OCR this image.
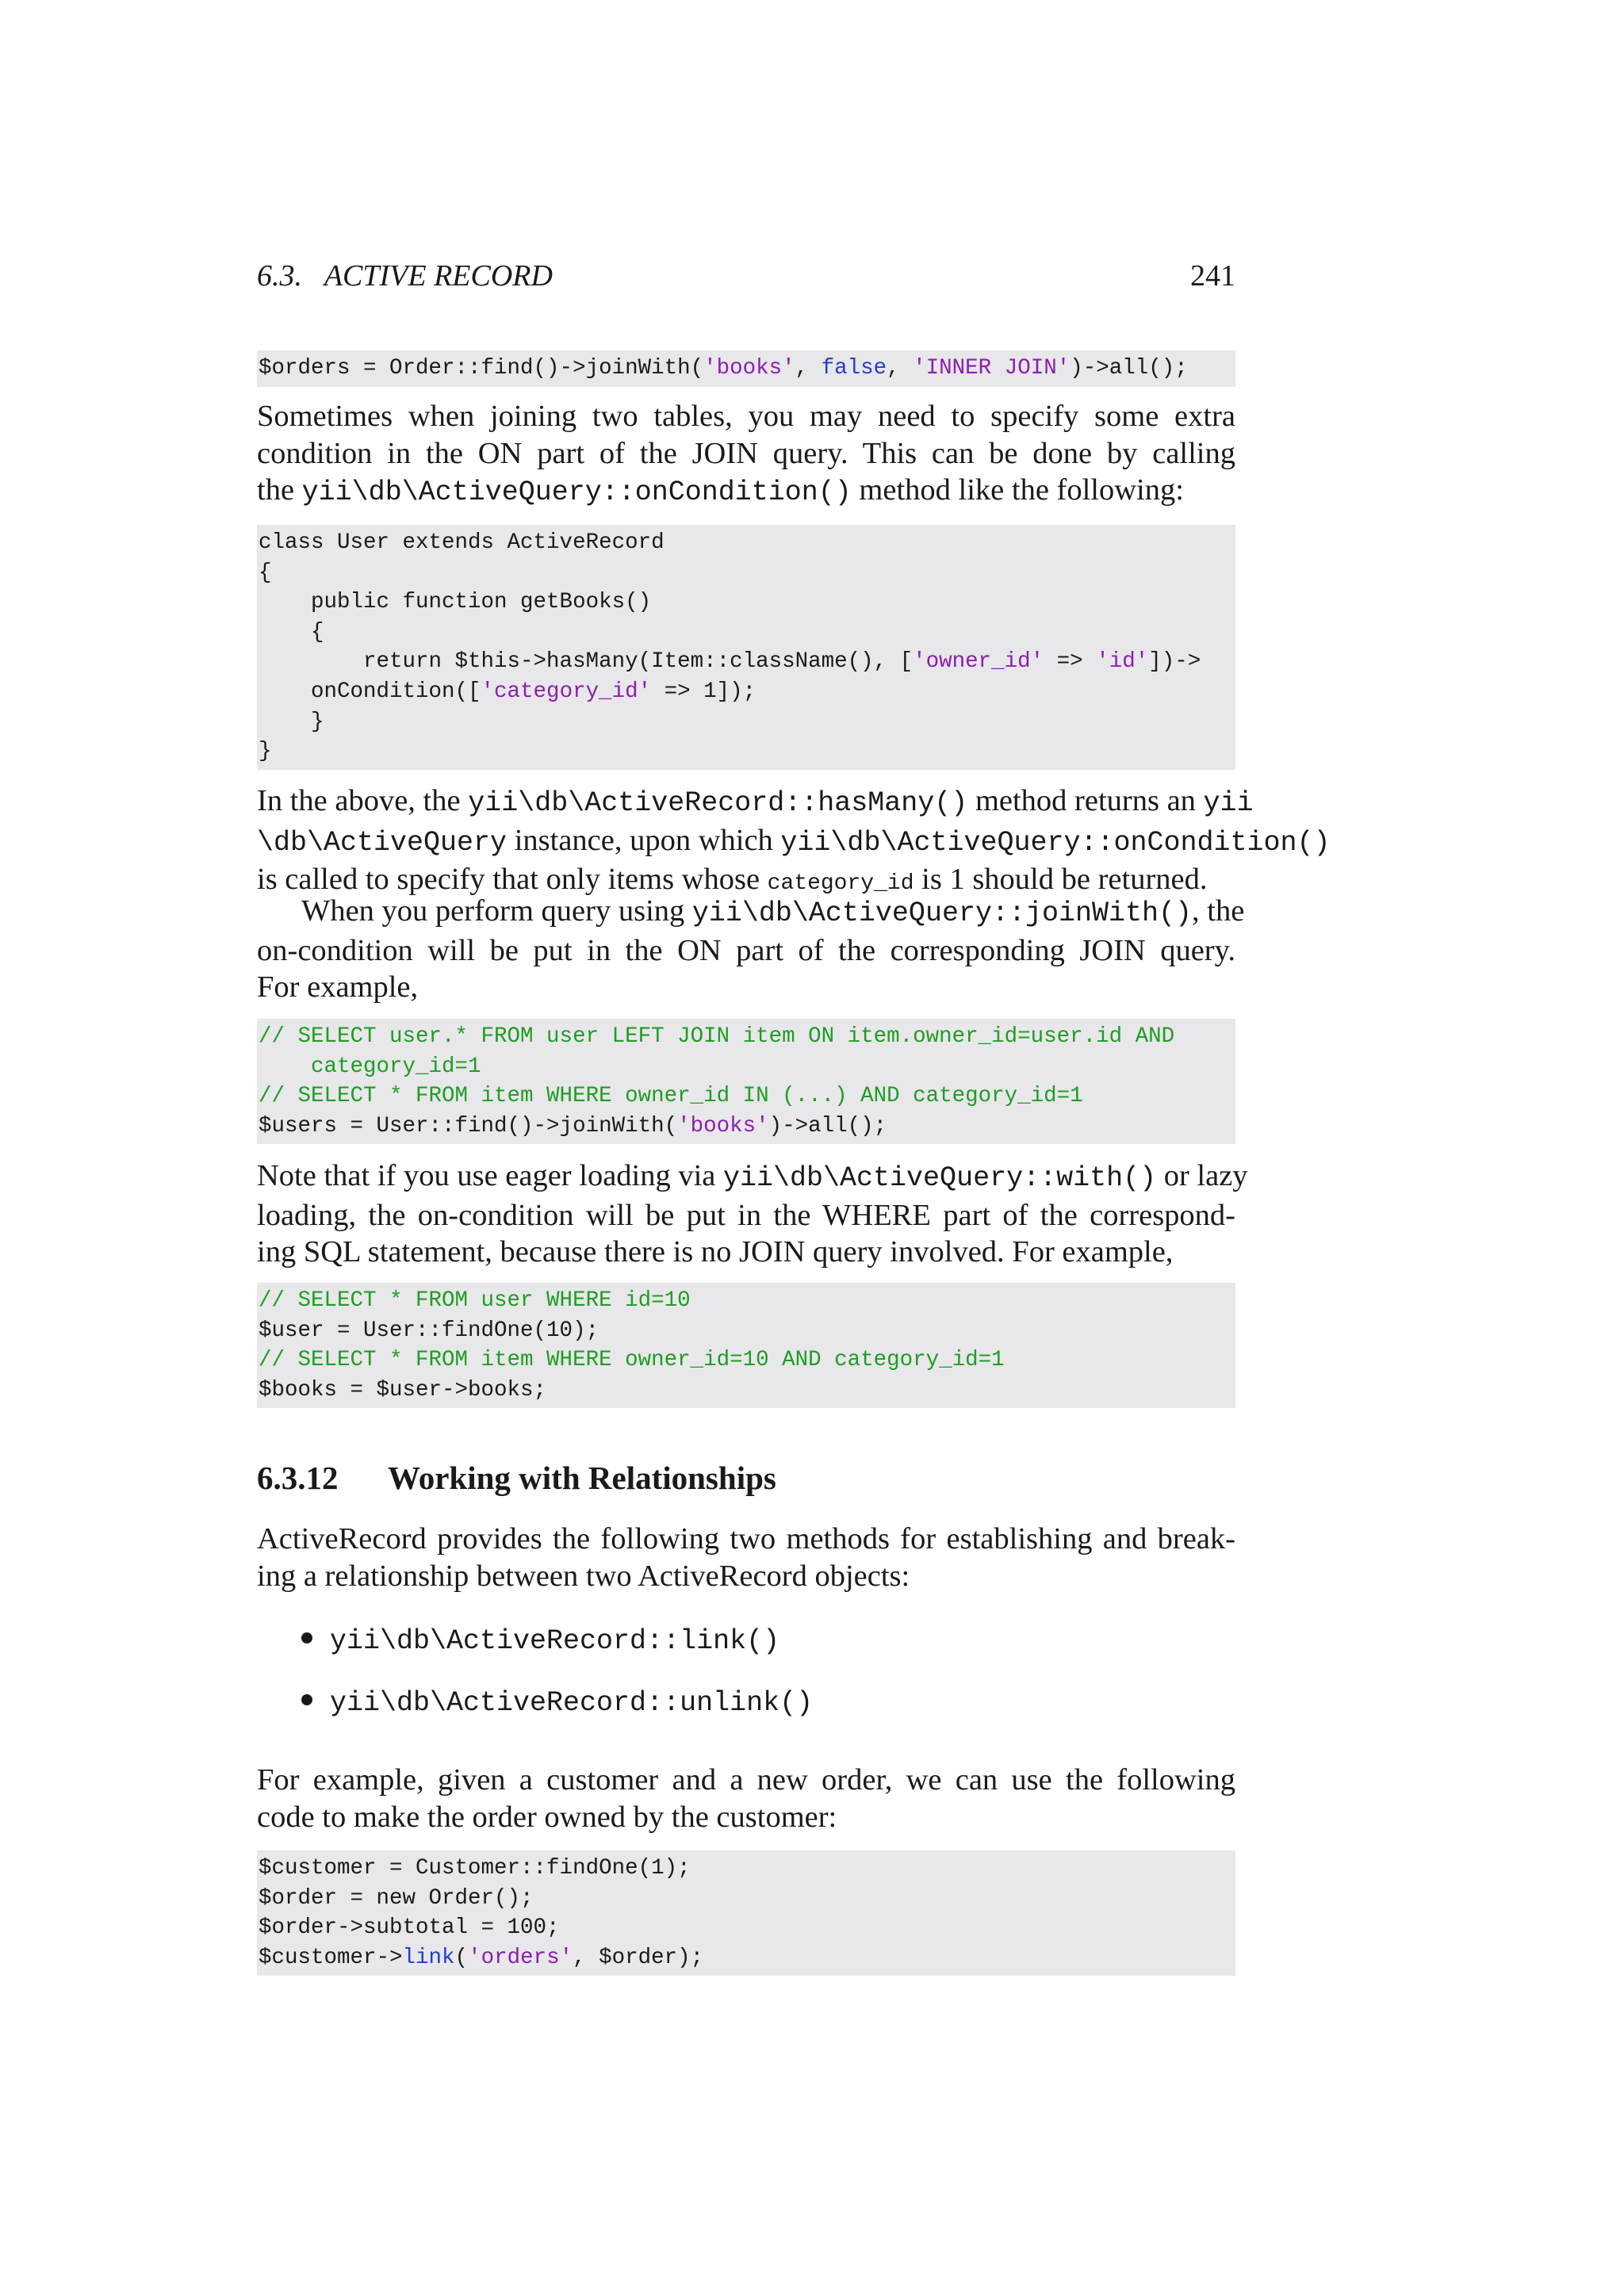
6.3.   ACTIVE RECORD	241
$orders = Order::find()->joinWith('books', false, 'INNER JOIN')->all();
Sometimes when joining two tables, you may need to specify some extra
condition in the ON part of the JOIN query. This can be done by calling
the yii\db\ActiveQuery::onCondition() method like the following:
class User extends ActiveRecord
{
public function getBooks()
{
return $this->hasMany(Item::className(), ['owner_id' => 'id'])->
onCondition(['category_id' => 1]);
}
}
In the above, the yii\db\ActiveRecord::hasMany() method returns an yii
\db\ActiveQuery instance, upon which yii\db\ActiveQuery::onCondition()
is called to specify that only items whose category_id is 1 should be returned.
When you perform query using yii\db\ActiveQuery::joinWith(), the
on-condition will be put in the ON part of the corresponding JOIN query.
For example,
// SELECT user.* FROM user LEFT JOIN item ON item.owner_id=user.id AND
category_id=1
// SELECT * FROM item WHERE owner_id IN (...) AND category_id=1
$users = User::find()->joinWith('books')->all();
Note that if you use eager loading via yii\db\ActiveQuery::with() or lazy
loading, the on-condition will be put in the WHERE part of the correspond-
ing SQL statement, because there is no JOIN query involved. For example,
// SELECT * FROM user WHERE id=10
$user = User::findOne(10);
// SELECT * FROM item WHERE owner_id=10 AND category_id=1
$books = $user->books;
6.3.12 Working with Relationships
ActiveRecord provides the following two methods for establishing and break-
ing a relationship between two ActiveRecord objects:
yii\db\ActiveRecord::link()
yii\db\ActiveRecord::unlink()
For example, given a customer and a new order, we can use the following
code to make the order owned by the customer:
$customer = Customer::findOne(1);
$order = new Order();
$order->subtotal = 100;
$customer->link('orders', $order);
